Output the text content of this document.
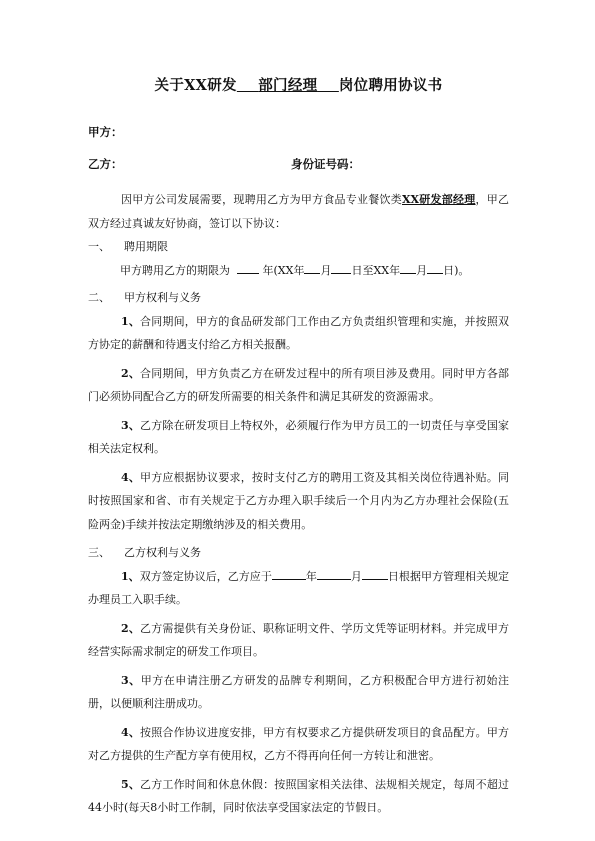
关于XX研发 部门经理 岗位聘用协议书

甲方：

乙方：	身份证号码：

因甲方公司发展需要，现聘用乙方为甲方食品专业餐饮类XX研发部经理，甲乙双方经过真诚友好协商，签订以下协议：

一、 聘用期限

甲方聘用乙方的期限为	年(XX年 月 日至XX年 月 日)。

二、 甲方权利与义务

1、合同期间，甲方的食品研发部门工作由乙方负责组织管理和实施，并按照双方协定的薪酬和待遇支付给乙方相关报酬。

2、合同期间，甲方负责乙方在研发过程中的所有项目涉及费用。同时甲方各部门必须协同配合乙方的研发所需要的相关条件和满足其研发的资源需求。

3、乙方除在研发项目上特权外，必须履行作为甲方员工的一切责任与享受国家相关法定权利。

4、甲方应根据协议要求，按时支付乙方的聘用工资及其相关岗位待遇补贴。同时按照国家和省、市有关规定于乙方办理入职手续后一个月内为乙方办理社会保险(五险两金)手续并按法定期缴纳涉及的相关费用。

三、 乙方权利与义务

1、双方签定协议后，乙方应于	年	月 日根据甲方管理相关规定办理员工入职手续。

2、乙方需提供有关身份证、职称证明文件、学历文凭等证明材料。并完成甲方经营实际需求制定的研发工作项目。

3、甲方在申请注册乙方研发的品牌专利期间，乙方积极配合甲方进行初始注册，以便顺利注册成功。

4、按照合作协议进度安排，甲方有权要求乙方提供研发项目的食品配方。甲方对乙方提供的生产配方享有使用权，乙方不得再向任何一方转让和泄密。

5、乙方工作时间和休息休假：按照国家相关法律、法规相关规定，每周不超过44小时(每天8小时工作制，同时依法享受国家法定的节假日。
